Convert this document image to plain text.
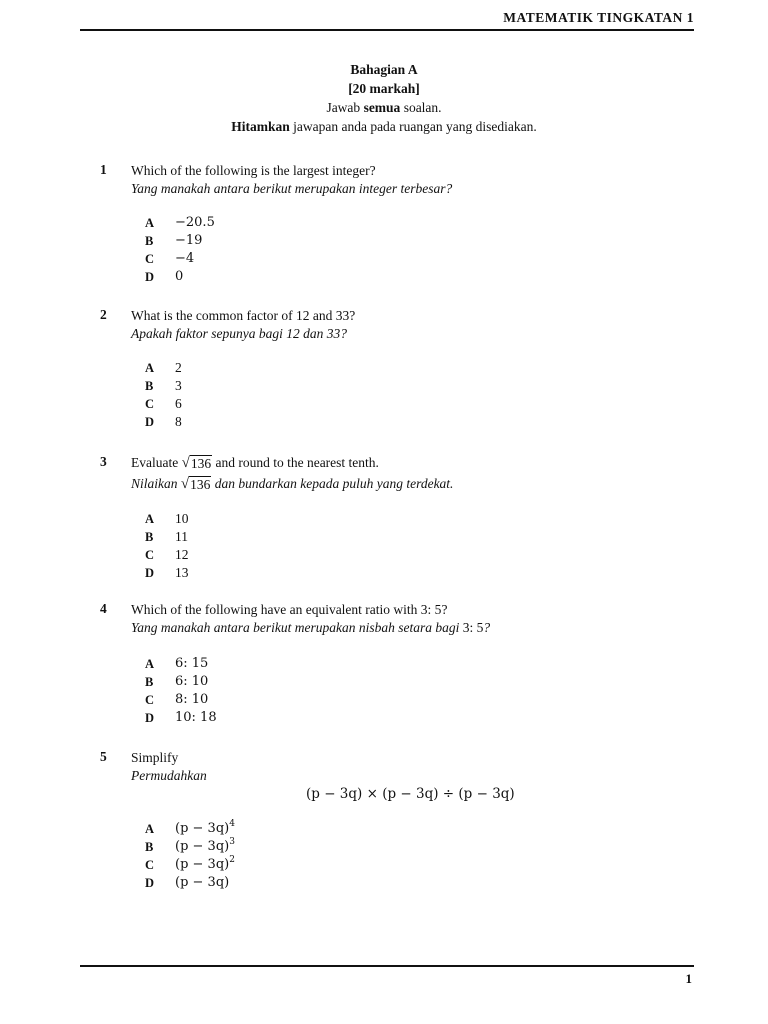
MATEMATIK TINGKATAN 1
Bahagian A
[20 markah]
Jawab semua soalan.
Hitamkan jawapan anda pada ruangan yang disediakan.
1 Which of the following is the largest integer?
Yang manakah antara berikut merupakan integer terbesar?
A	−20.5
B	−19
C	−4
D	0
2 What is the common factor of 12 and 33?
Apakah faktor sepunya bagi 12 dan 33?
A	2
B	3
C	6
D	8
3 Evaluate √ 136 and round to the nearest tenth.
Nilaikan √ 136 dan bundarkan kepada puluh yang terdekat.
A	10
B	11
C	12
D	13
4 Which of the following have an equivalent ratio with 3: 5?
Yang manakah antara berikut merupakan nisbah setara bagi 3: 5?
A	6: 15
B	6: 10
C	8: 10
D	10: 18
5 Simplify
Permudahkan
(p − 3q) × (p − 3q) ÷ (p − 3q)
A	$(p - 3q)^4$
B	$(p - 3q)^3$
C	$(p - 3q)^2$
D	(p − 3q)
1
